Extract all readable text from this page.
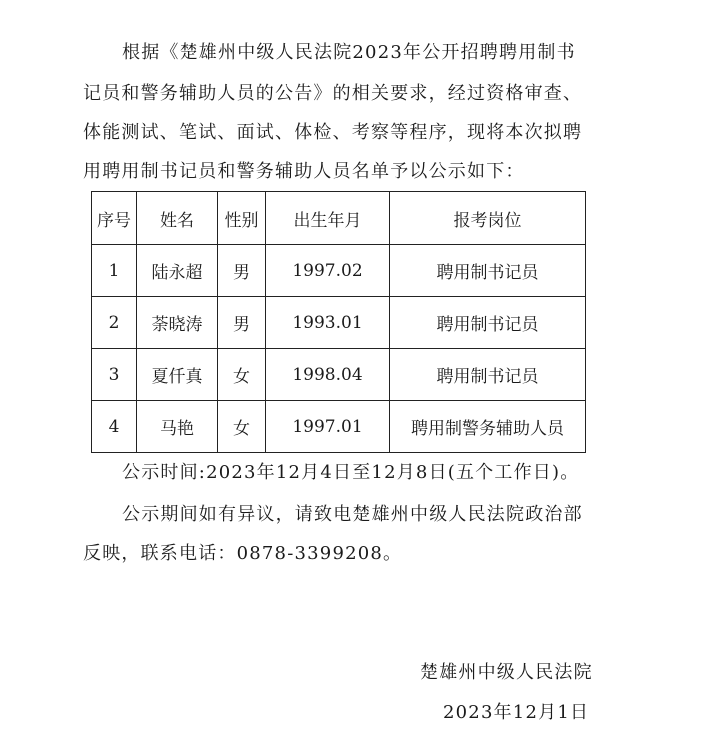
根据《楚雄州中级人民法院2023年公开招聘聘用制书
记员和警务辅助人员的公告》的相关要求，经过资格审查、
体能测试、笔试、面试、体检、考察等程序，现将本次拟聘
用聘用制书记员和警务辅助人员名单予以公示如下：
序号	姓名	性别	出生年月	报考岗位
1	陆永超	男	1997.02	聘用制书记员
2	荼晓涛	男	1993.01	聘用制书记员
3	夏仟真	女	1998.04	聘用制书记员
4	马艳	女	1997.01	聘用制警务辅助人员
公示时间:2023年12月4日至12月8日(五个工作日)。
公示期间如有异议，请致电楚雄州中级人民法院政治部
反映，联系电话：0878-3399208。
楚雄州中级人民法院
2023年12月1日
